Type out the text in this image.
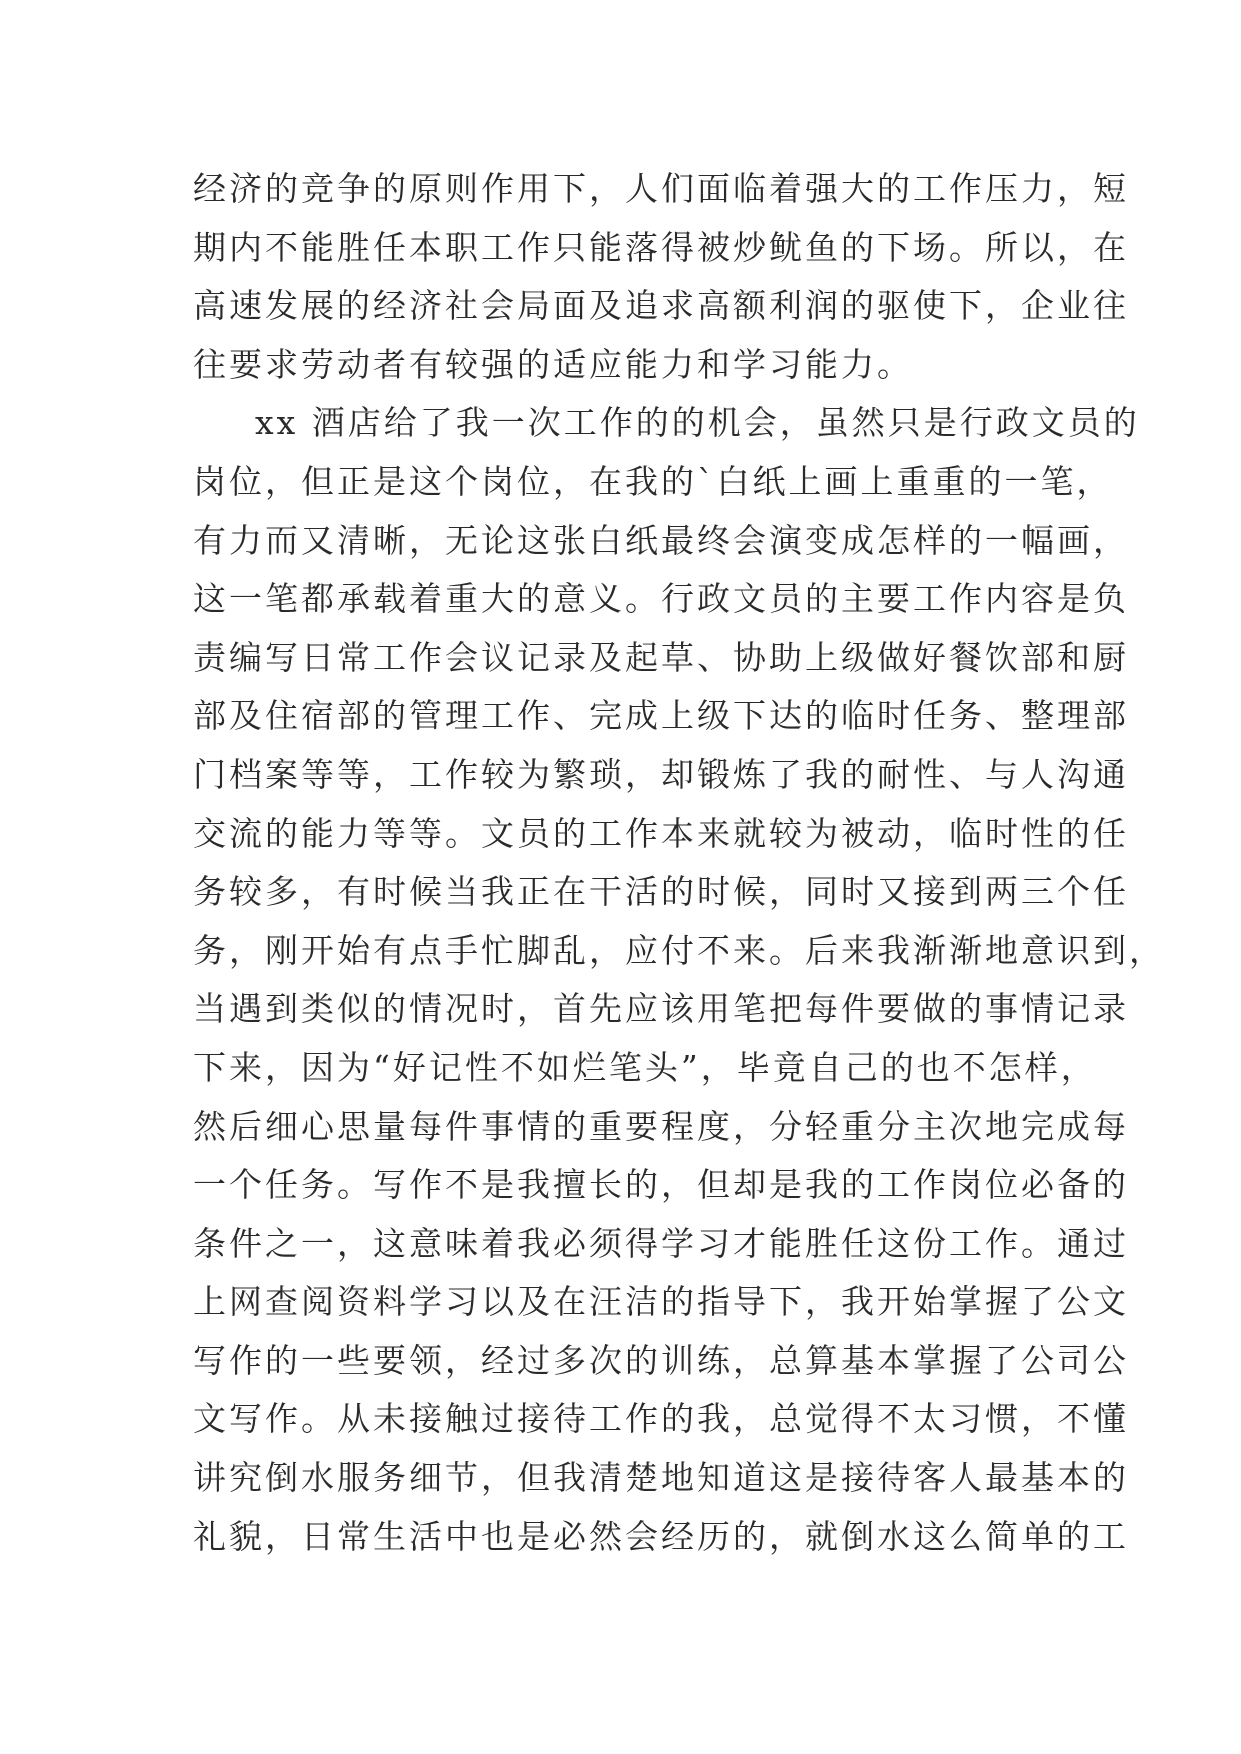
经济的竞争的原则作用下，人们面临着强大的工作压力，短
期内不能胜任本职工作只能落得被炒鱿鱼的下场。所以，在
高速发展的经济社会局面及追求高额利润的驱使下，企业往
往要求劳动者有较强的适应能力和学习能力。
xx 酒店给了我一次工作的的机会，虽然只是行政文员的
岗位，但正是这个岗位，在我的`白纸上画上重重的一笔，
有力而又清晰，无论这张白纸最终会演变成怎样的一幅画，
这一笔都承载着重大的意义。行政文员的主要工作内容是负
责编写日常工作会议记录及起草、协助上级做好餐饮部和厨
部及住宿部的管理工作、完成上级下达的临时任务、整理部
门档案等等，工作较为繁琐，却锻炼了我的耐性、与人沟通
交流的能力等等。文员的工作本来就较为被动，临时性的任
务较多，有时候当我正在干活的时候，同时又接到两三个任
务，刚开始有点手忙脚乱，应付不来。后来我渐渐地意识到，
当遇到类似的情况时，首先应该用笔把每件要做的事情记录
下来，因为“好记性不如烂笔头”，毕竟自己的也不怎样，
然后细心思量每件事情的重要程度，分轻重分主次地完成每
一个任务。写作不是我擅长的，但却是我的工作岗位必备的
条件之一，这意味着我必须得学习才能胜任这份工作。通过
上网查阅资料学习以及在汪洁的指导下，我开始掌握了公文
写作的一些要领，经过多次的训练，总算基本掌握了公司公
文写作。从未接触过接待工作的我，总觉得不太习惯，不懂
讲究倒水服务细节，但我清楚地知道这是接待客人最基本的
礼貌，日常生活中也是必然会经历的，就倒水这么简单的工
